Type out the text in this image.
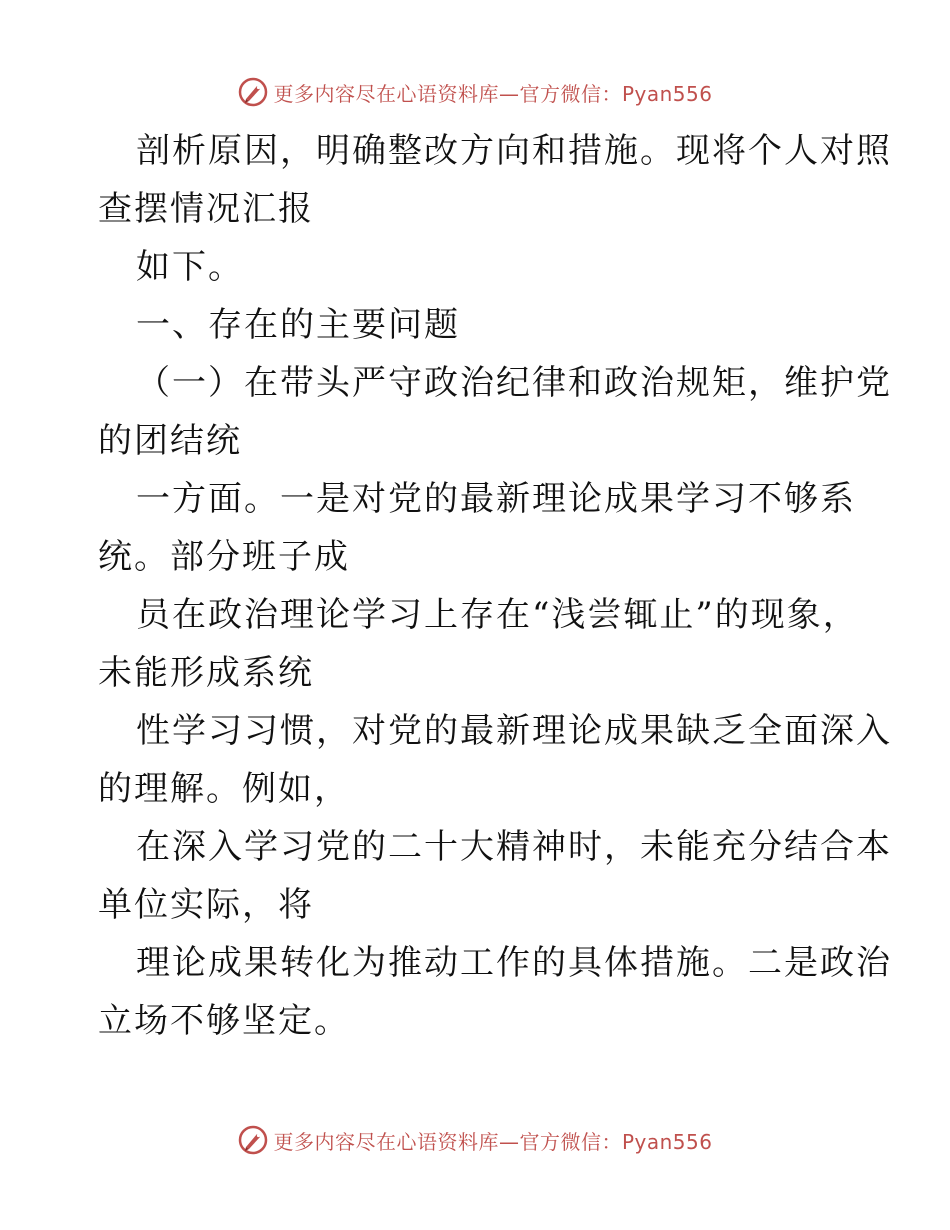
更多内容尽在心语资料库—官方微信：Pyan556
剖析原因，明确整改方向和措施。现将个人对照
查摆情况汇报
如下。
一、存在的主要问题
（一）在带头严守政治纪律和政治规矩，维护党
的团结统
一方面。一是对党的最新理论成果学习不够系
统。部分班子成
员在政治理论学习上存在“浅尝辄止”的现象，
未能形成系统
性学习习惯，对党的最新理论成果缺乏全面深入
的理解。例如，
在深入学习党的二十大精神时，未能充分结合本
单位实际，将
理论成果转化为推动工作的具体措施。二是政治
立场不够坚定。
更多内容尽在心语资料库—官方微信：Pyan556
